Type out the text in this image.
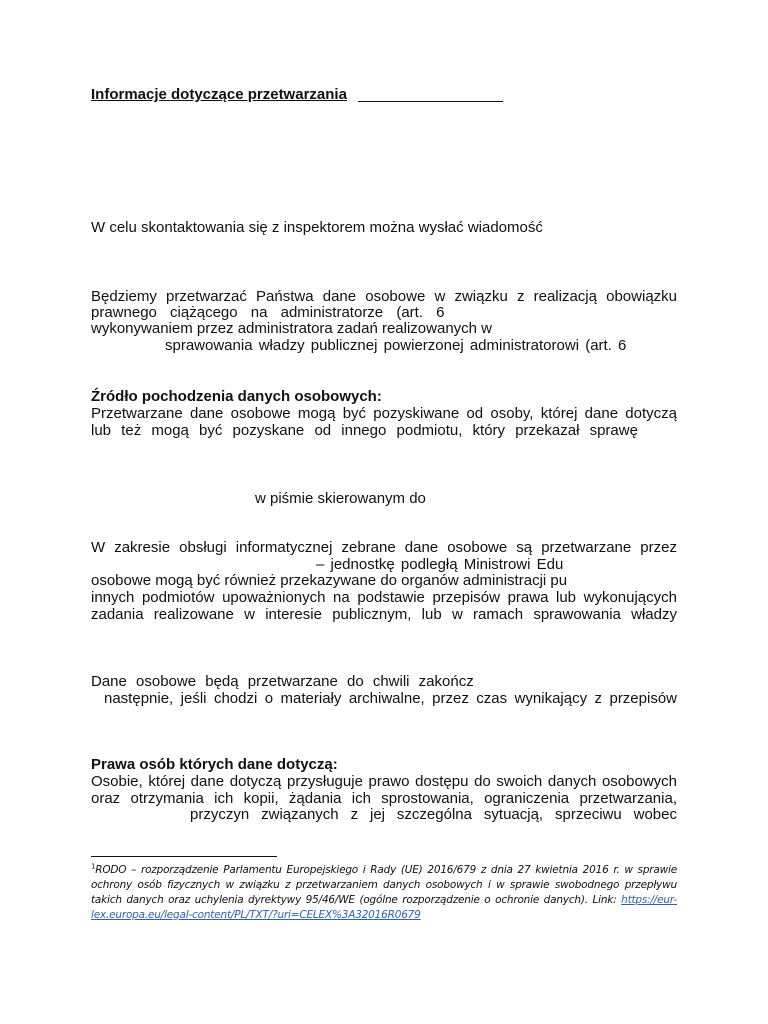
Informacje dotyczące przetwarzania

W celu skontaktowania się z inspektorem można wysłać wiadomość

Będziemy przetwarzać Państwa dane osobowe w związku z realizacją obowiązku

prawnego ciążącego na administratorze (art. 6

wykonywaniem przez administratora zadań realizowanych w

sprawowania władzy publicznej powierzonej administratorowi (art. 6

Źródło pochodzenia danych osobowych:

Przetwarzane dane osobowe mogą być pozyskiwane od osoby, której dane dotyczą

lub też mogą być pozyskane od innego podmiotu, który przekazał sprawę

w piśmie skierowanym do

W zakresie obsługi informatycznej zebrane dane osobowe są przetwarzane przez

– jednostkę podległą Ministrowi Edu

osobowe mogą być również przekazywane do organów administracji pu

innych podmiotów upoważnionych na podstawie przepisów prawa lub wykonujących

zadania realizowane w interesie publicznym, lub w ramach sprawowania władzy

Dane osobowe będą przetwarzane do chwili zakończ

następnie, jeśli chodzi o materiały archiwalne, przez czas wynikający z przepisów

Prawa osób których dane dotyczą:

Osobie, której dane dotyczą przysługuje prawo dostępu do swoich danych osobowych

oraz otrzymania ich kopii, żądania ich sprostowania, ograniczenia przetwarzania,

przyczyn związanych z jej szczególna sytuacją, sprzeciwu wobec

$^1$RODO – rozporządzenie Parlamentu Europejskiego i Rady (UE) 2016/679 z dnia 27 kwietnia 2016 r. w sprawie

ochrony osób fizycznych w związku z przetwarzaniem danych osobowych i w sprawie swobodnego przepływu

takich danych oraz uchylenia dyrektywy 95/46/WE (ogólne rozporządzenie o ochronie danych). Link: https://eur-

lex.europa.eu/legal-content/PL/TXT/?uri=CELEX%3A32016R0679
